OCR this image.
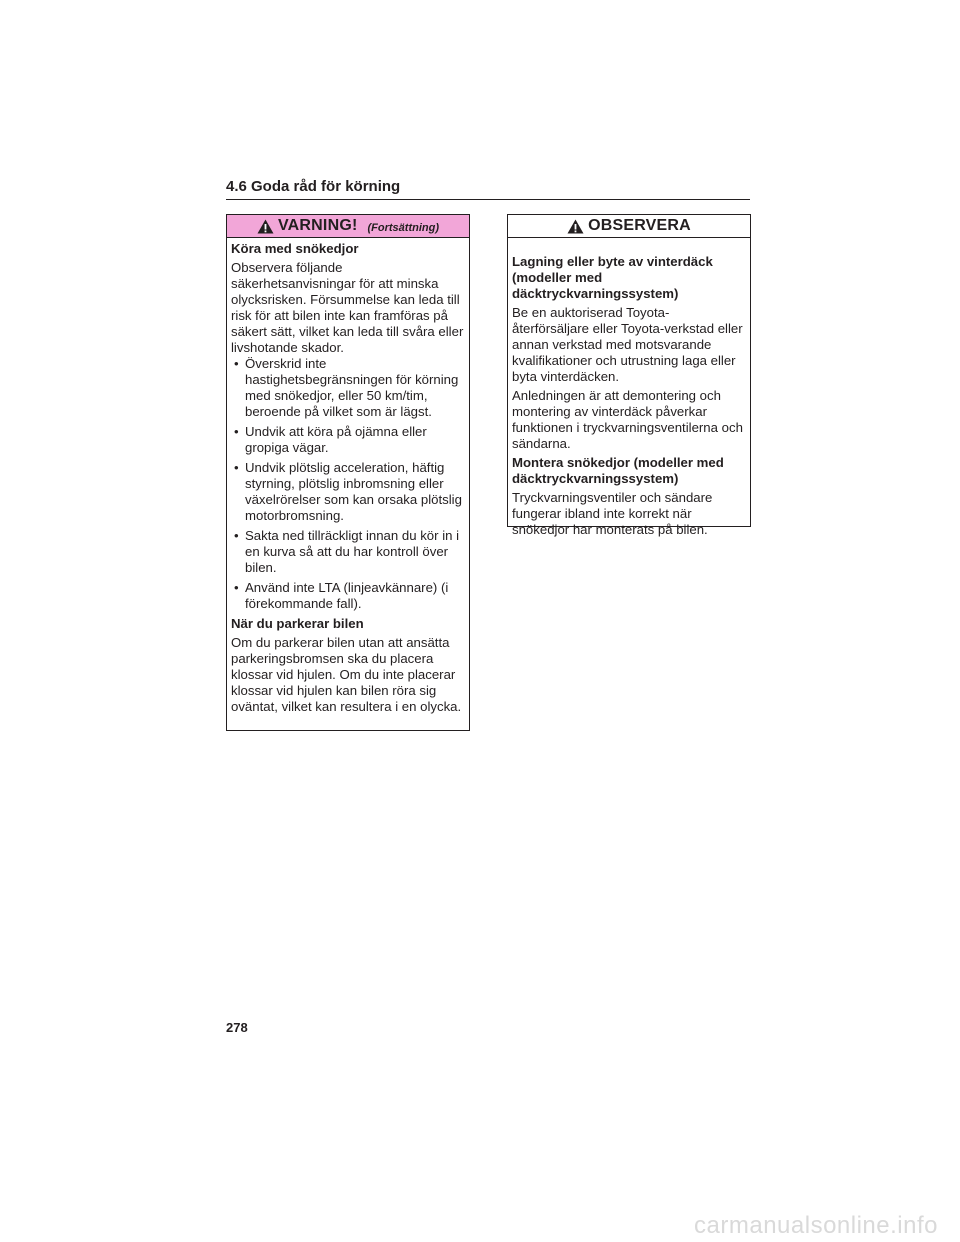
4.6 Goda råd för körning
VARNING! (Fortsättning)

Köra med snökedjor

Observera följande säkerhetsanvisningar för att minska olycksrisken. Försummelse kan leda till risk för att bilen inte kan framföras på säkert sätt, vilket kan leda till svåra eller livshotande skador.

• Överskrid inte hastighetsbegränsningen för körning med snökedjor, eller 50 km/tim, beroende på vilket som är lägst.
• Undvik att köra på ojämna eller gropiga vägar.
• Undvik plötslig acceleration, häftig styrning, plötslig inbromsning eller växelrörelser som kan orsaka plötslig motorbromsning.
• Sakta ned tillräckligt innan du kör in i en kurva så att du har kontroll över bilen.
• Använd inte LTA (linjeavkännare) (i förekommande fall).

När du parkerar bilen

Om du parkerar bilen utan att ansätta parkeringsbromsen ska du placera klossar vid hjulen. Om du inte placerar klossar vid hjulen kan bilen röra sig oväntat, vilket kan resultera i en olycka.

OBSERVERA

Lagning eller byte av vinterdäck (modeller med däcktryckvarningssystem)

Be en auktoriserad Toyota-återförsäljare eller Toyota-verkstad eller annan verkstad med motsvarande kvalifikationer och utrustning laga eller byta vinterdäcken.

Anledningen är att demontering och montering av vinterdäck påverkar funktionen i tryckvarningsventilerna och sändarna.

Montera snökedjor (modeller med däcktryckvarningssystem)

Tryckvarningsventiler och sändare fungerar ibland inte korrekt när snökedjor har monterats på bilen.

278
carmanualsonline.info
